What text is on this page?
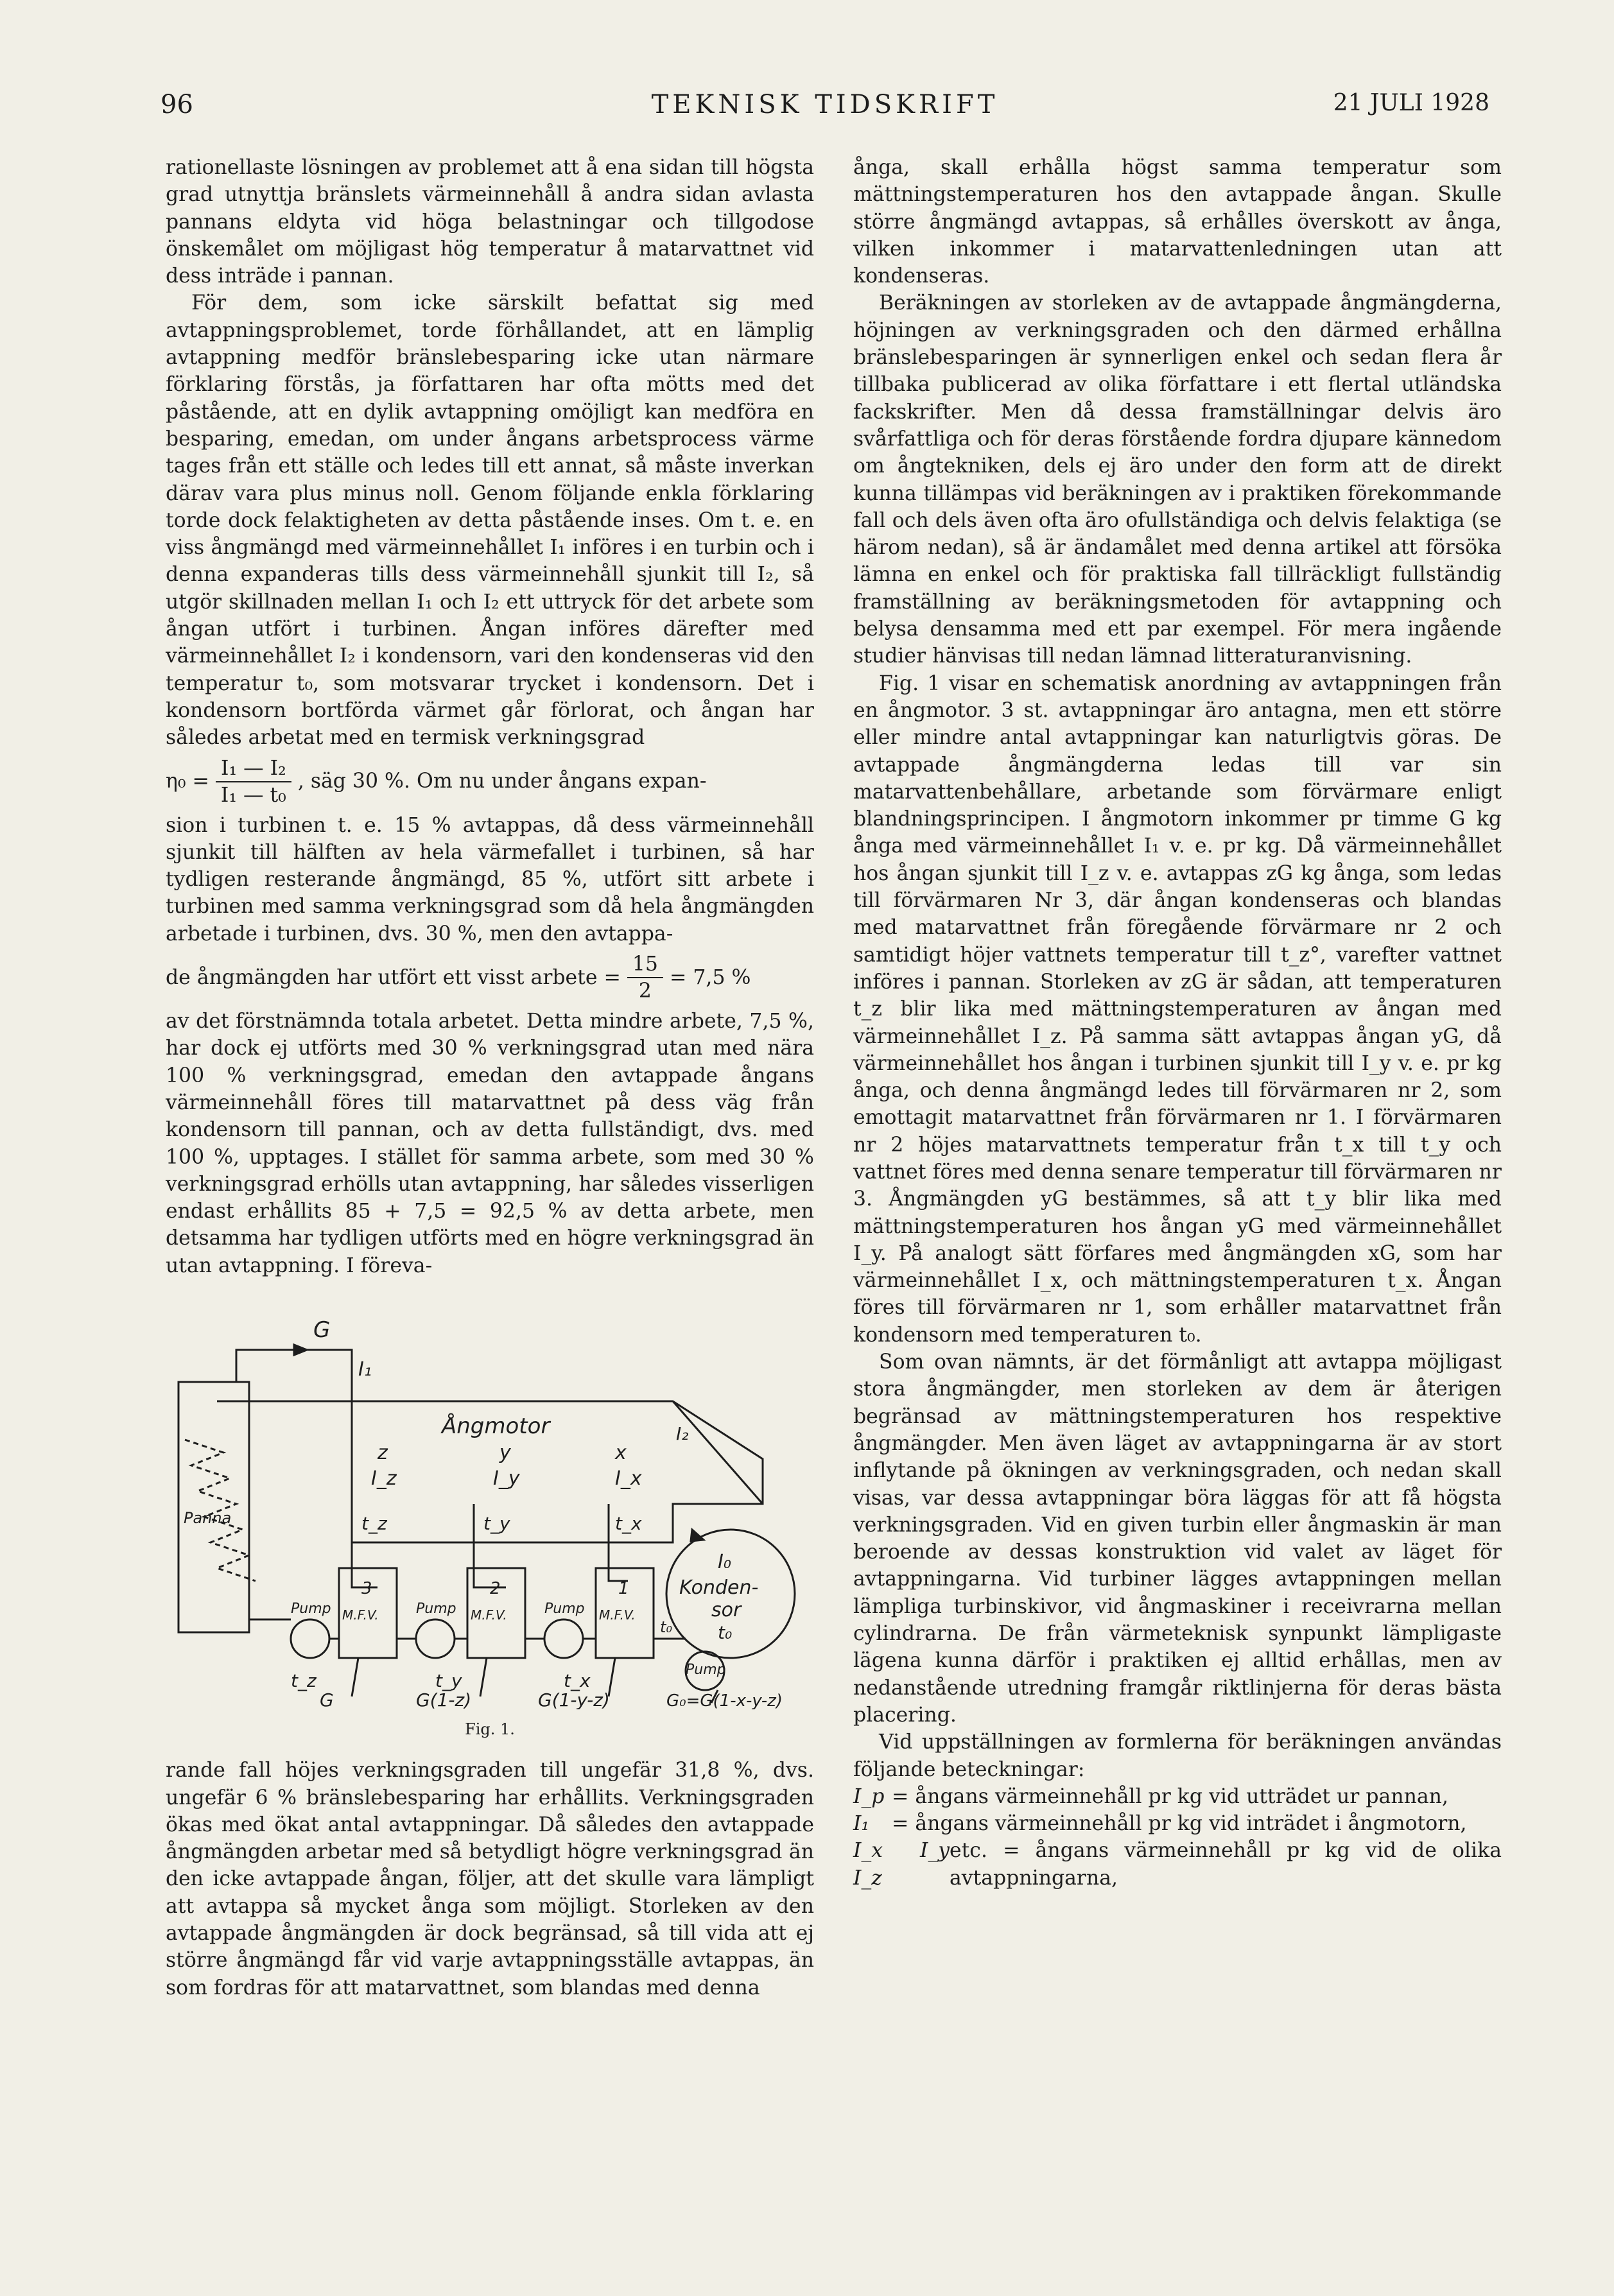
96	TEKNISK TIDSKRIFT	21 JULI 1928

rationellaste lösningen av problemet att å ena sidan till högsta grad utnyttja bränslets värmeinnehåll å andra sidan avlasta pannans eldyta vid höga belastningar och tillgodose önskemålet om möjligast hög temperatur å matarvattnet vid dess inträde i pannan.

För dem, som icke särskilt befattat sig med avtappningsproblemet, torde förhållandet, att en lämplig avtappning medför bränslebesparing icke utan närmare förklaring förstås, ja författaren har ofta mötts med det påstående, att en dylik avtappning omöjligt kan medföra en besparing, emedan, om under ångans arbetsprocess värme tages från ett ställe och ledes till ett annat, så måste inverkan därav vara plus minus noll. Genom följande enkla förklaring torde dock felaktigheten av detta påstående inses. Om t. e. en viss ångmängd med värmeinnehållet I₁ införes i en turbin och i denna expanderas tills dess värmeinnehåll sjunkit till I₂, så utgör skillnaden mellan I₁ och I₂ ett uttryck för det arbete som ångan utfört i turbinen. Ångan införes därefter med värmeinnehållet I₂ i kondensorn, vari den kondenseras vid den temperatur t₀, som motsvarar trycket i kondensorn. Det i kondensorn bortförda värmet går förlorat, och ångan har således arbetat med en termisk verkningsgrad

$\eta_0 = \frac{\text{I₁ — I₂}}{\text{I₁ — t₀}}$ , säg 30 %. Om nu under ångans expan-

sion i turbinen t. e. 15 % avtappas, då dess värmeinnehåll sjunkit till hälften av hela värmefallet i turbinen, så har tydligen resterande ångmängd, 85 %, utfört sitt arbete i turbinen med samma verkningsgrad som då hela ångmängden arbetade i turbinen, dvs. 30 %, men den avtappa-

de ångmängden har utfört ett visst arbete = $\frac{15}{2} = 7,5$ %

av det förstnämnda totala arbetet. Detta mindre arbete, 7,5 %, har dock ej utförts med 30 % verkningsgrad utan med nära 100 % verkningsgrad, emedan den avtappade ångans värmeinnehåll föres till matarvattnet på dess väg från kondensorn till pannan, och av detta fullständigt, dvs. med 100 %, upptages. I stället för samma arbete, som med 30 % verkningsgrad erhölls utan avtappning, har således visserligen endast erhållits 85 + 7,5 = 92,5 % av detta arbete, men detsamma har tydligen utförts med en högre verkningsgrad än utan avtappning. I föreva-

G
I₁
Panna
Ångmotor
z	y	x
I_z	I_y	I_x
I₂
t_z	t_y	t_x
I₀
Konden-
sor
t₀
Pump	Pump	Pump
Pump
3	2	1
M.F.V.	M.F.V.	M.F.V.
t₀
t_z
G
t_y
G(1-z)
t_x
G(1-y-z)	G₀=G(1-x-y-z)
Fig. 1.

rande fall höjes verkningsgraden till ungefär 31,8 %, dvs. ungefär 6 % bränslebesparing har erhållits. Verkningsgraden ökas med ökat antal avtappningar. Då således den avtappade ångmängden arbetar med så betydligt högre verkningsgrad än den icke avtappade ångan, följer, att det skulle vara lämpligt att avtappa så mycket ånga som möjligt. Storleken av den avtappade ångmängden är dock begränsad, så till vida att ej större ångmängd får vid varje avtappningsställe avtappas, än som fordras för att matarvattnet, som blandas med denna

ånga, skall erhålla högst samma temperatur som mättningstemperaturen hos den avtappade ångan. Skulle större ångmängd avtappas, så erhålles överskott av ånga, vilken inkommer i matarvattenledningen utan att kondenseras.

Beräkningen av storleken av de avtappade ångmängderna, höjningen av verkningsgraden och den därmed erhållna bränslebesparingen är synnerligen enkel och sedan flera år tillbaka publicerad av olika författare i ett flertal utländska fackskrifter. Men då dessa framställningar delvis äro svårfattliga och för deras förstående fordra djupare kännedom om ångtekniken, dels ej äro under den form att de direkt kunna tillämpas vid beräkningen av i praktiken förekommande fall och dels även ofta äro ofullständiga och delvis felaktiga (se härom nedan), så är ändamålet med denna artikel att försöka lämna en enkel och för praktiska fall tillräckligt fullständig framställning av beräkningsmetoden för avtappning och belysa densamma med ett par exempel. För mera ingående studier hänvisas till nedan lämnad litteraturanvisning.

Fig. 1 visar en schematisk anordning av avtappningen från en ångmotor. 3 st. avtappningar äro antagna, men ett större eller mindre antal avtappningar kan naturligtvis göras. De avtappade ångmängderna ledas till var sin matarvattenbehållare, arbetande som förvärmare enligt blandningsprincipen. I ångmotorn inkommer pr timme G kg ånga med värmeinnehållet I₁ v. e. pr kg. Då värmeinnehållet hos ångan sjunkit till I_z v. e. avtappas zG kg ånga, som ledas till förvärmaren Nr 3, där ångan kondenseras och blandas med matarvattnet från föregående förvärmare nr 2 och samtidigt höjer vattnets temperatur till t_z°, varefter vattnet införes i pannan. Storleken av zG är sådan, att temperaturen t_z blir lika med mättningstemperaturen av ångan med värmeinnehållet I_z. På samma sätt avtappas ångan yG, då värmeinnehållet hos ångan i turbinen sjunkit till I_y v. e. pr kg ånga, och denna ångmängd ledes till förvärmaren nr 2, som emottagit matarvattnet från förvärmaren nr 1. I förvärmaren nr 2 höjes matarvattnets temperatur från t_x till t_y och vattnet föres med denna senare temperatur till förvärmaren nr 3. Ångmängden yG bestämmes, så att t_y blir lika med mättningstemperaturen hos ångan yG med värmeinnehållet I_y. På analogt sätt förfares med ångmängden xG, som har värmeinnehållet I_x, och mättningstemperaturen t_x. Ångan föres till förvärmaren nr 1, som erhåller matarvattnet från kondensorn med temperaturen t₀.

Som ovan nämnts, är det förmånligt att avtappa möjligast stora ångmängder, men storleken av dem är återigen begränsad av mättningstemperaturen hos respektive ångmängder. Men även läget av avtappningarna är av stort inflytande på ökningen av verkningsgraden, och nedan skall visas, var dessa avtappningar böra läggas för att få högsta verkningsgraden. Vid en given turbin eller ångmaskin är man beroende av dessas konstruktion vid valet av läget för avtappningarna. Vid turbiner lägges avtappningen mellan lämpliga turbinskivor, vid ångmaskiner i receivrarna mellan cylindrarna. De från värmeteknisk synpunkt lämpligaste lägena kunna därför i praktiken ej alltid erhållas, men av nedanstående utredning framgår riktlinjerna för deras bästa placering.

Vid uppställningen av formlerna för beräkningen användas följande beteckningar:

I_p = ångans värmeinnehåll pr kg vid utträdet ur pannan,
I₁	= ångans värmeinnehåll pr kg vid inträdet i ångmotorn,
I_x I_y I_z
etc. = ångans värmeinnehåll pr kg vid de olika avtappningarna,
